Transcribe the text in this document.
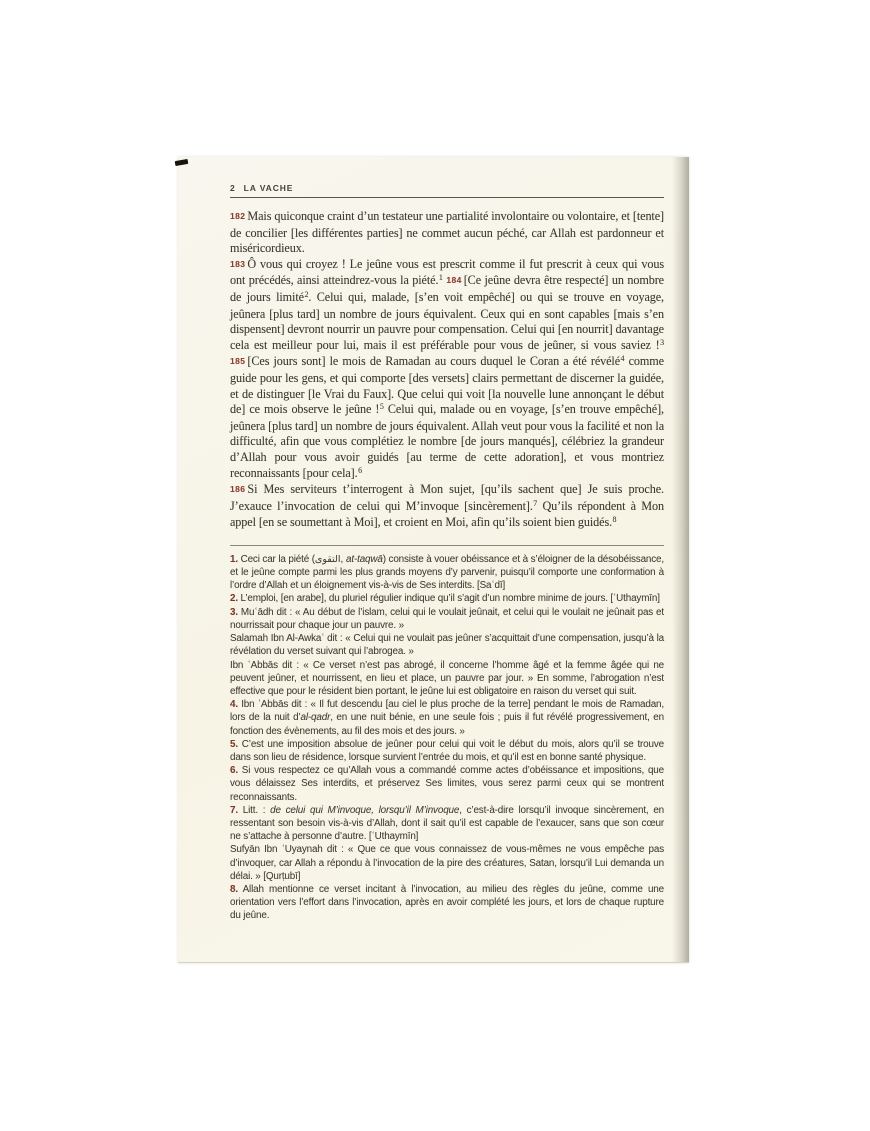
2 LA VACHE

182 Mais quiconque craint d’un testateur une partialité involontaire ou volontaire, et [tente] de concilier [les différentes parties] ne commet aucun péché, car Allah est pardonneur et miséricordieux.

183 Ô vous qui croyez ! Le jeûne vous est prescrit comme il fut prescrit à ceux qui vous ont précédés, ainsi atteindrez-vous la piété.$^1$ 184 [Ce jeûne devra être respecté] un nombre de jours limité$^2$. Celui qui, malade, [s’en voit empêché] ou qui se trouve en voyage, jeûnera [plus tard] un nombre de jours équivalent. Ceux qui en sont capables [mais s’en dispensent] devront nourrir un pauvre pour compensation. Celui qui [en nourrit] davantage cela est meilleur pour lui, mais il est préférable pour vous de jeûner, si vous saviez !$^3$ 185 [Ces jours sont] le mois de Ramadan au cours duquel le Coran a été révélé$^4$ comme guide pour les gens, et qui comporte [des versets] clairs permettant de discerner la guidée, et de distinguer [le Vrai du Faux]. Que celui qui voit [la nouvelle lune annonçant le début de] ce mois observe le jeûne !$^5$ Celui qui, malade ou en voyage, [s’en trouve empêché], jeûnera [plus tard] un nombre de jours équivalent. Allah veut pour vous la facilité et non la difficulté, afin que vous complétiez le nombre [de jours manqués], célébriez la grandeur d’Allah pour vous avoir guidés [au terme de cette adoration], et vous montriez reconnaissants [pour cela].$^6$

186 Si Mes serviteurs t’interrogent à Mon sujet, [qu’ils sachent que] Je suis proche. J’exauce l’invocation de celui qui M’invoque [sincèrement].$^7$ Qu’ils répondent à Mon appel [en se soumettant à Moi], et croient en Moi, afin qu’ils soient bien guidés.$^8$

1. Ceci car la piété (التقوى, at-taqwā) consiste à vouer obéissance et à s’éloigner de la désobéissance, et le jeûne compte parmi les plus grands moyens d’y parvenir, puisqu’il comporte une conformation à l’ordre d’Allah et un éloignement vis-à-vis de Ses interdits. [Saʿdī]

2. L’emploi, [en arabe], du pluriel régulier indique qu’il s’agit d’un nombre minime de jours. [ʿUthaymīn]

3. Muʿādh dit : « Au début de l’islam, celui qui le voulait jeûnait, et celui qui le voulait ne jeûnait pas et nourrissait pour chaque jour un pauvre. »

Salamah Ibn Al-Awkaʿ dit : « Celui qui ne voulait pas jeûner s’acquittait d’une compensation, jusqu’à la révélation du verset suivant qui l’abrogea. »

Ibn ʿAbbās dit : « Ce verset n’est pas abrogé, il concerne l’homme âgé et la femme âgée qui ne peuvent jeûner, et nourrissent, en lieu et place, un pauvre par jour. » En somme, l’abrogation n’est effective que pour le résident bien portant, le jeûne lui est obligatoire en raison du verset qui suit.

4. Ibn ʿAbbās dit : « Il fut descendu [au ciel le plus proche de la terre] pendant le mois de Ramadan, lors de la nuit d’al-qadr, en une nuit bénie, en une seule fois ; puis il fut révélé progressivement, en fonction des évènements, au fil des mois et des jours. »

5. C’est une imposition absolue de jeûner pour celui qui voit le début du mois, alors qu’il se trouve dans son lieu de résidence, lorsque survient l’entrée du mois, et qu’il est en bonne santé physique.

6. Si vous respectez ce qu’Allah vous a commandé comme actes d’obéissance et impositions, que vous délaissez Ses interdits, et préservez Ses limites, vous serez parmi ceux qui se montrent reconnaissants.

7. Litt. : de celui qui M’invoque, lorsqu’il M’invoque, c’est-à-dire lorsqu’il invoque sincèrement, en ressentant son besoin vis-à-vis d’Allah, dont il sait qu’il est capable de l’exaucer, sans que son cœur ne s’attache à personne d’autre. [ʿUthaymīn]

Sufyān Ibn ʿUyaynah dit : « Que ce que vous connaissez de vous-mêmes ne vous empêche pas d’invoquer, car Allah a répondu à l’invocation de la pire des créatures, Satan, lorsqu’il Lui demanda un délai. » [Qurṭubī]

8. Allah mentionne ce verset incitant à l’invocation, au milieu des règles du jeûne, comme une orientation vers l’effort dans l’invocation, après en avoir complété les jours, et lors de chaque rupture du jeûne.
